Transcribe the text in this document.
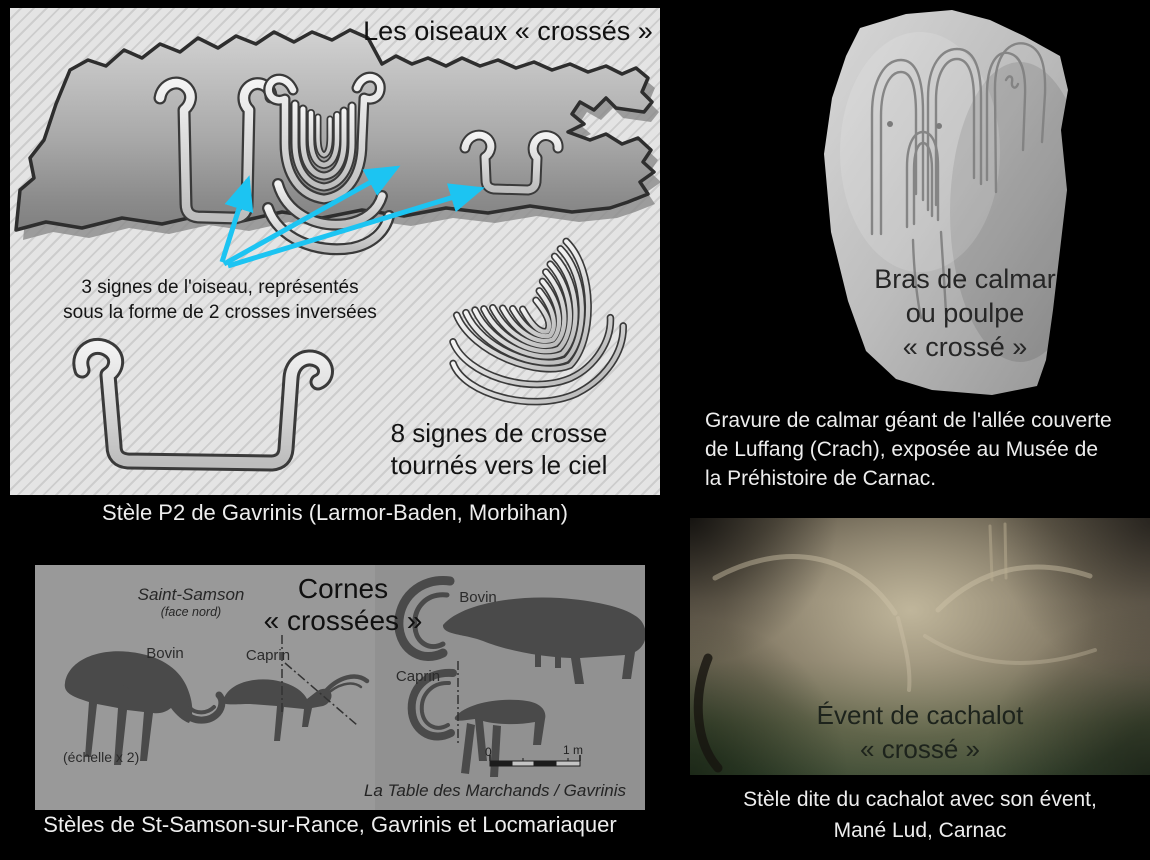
Les oiseaux « crossés »
3 signes de l'oiseau, représentés
sous la forme de 2 crosses inversées
8 signes de crosse
tournés vers le ciel
Stèle P2 de Gavrinis (Larmor-Baden, Morbihan)
Bras de calmar
ou poulpe
« crossé »
Gravure de calmar géant de l'allée couverte
de Luffang (Crach), exposée au Musée de
la Préhistoire de Carnac.
Saint-Samson
(face nord)
Cornes
« crossées »
Bovin	Caprin
Bovin
Caprin
(échelle x 2)	0	1 m
La Table des Marchands / Gavrinis
Stèles de St-Samson-sur-Rance, Gavrinis et Locmariaquer
Évent de cachalot
« crossé »
Stèle dite du cachalot avec son évent,
Mané Lud, Carnac
